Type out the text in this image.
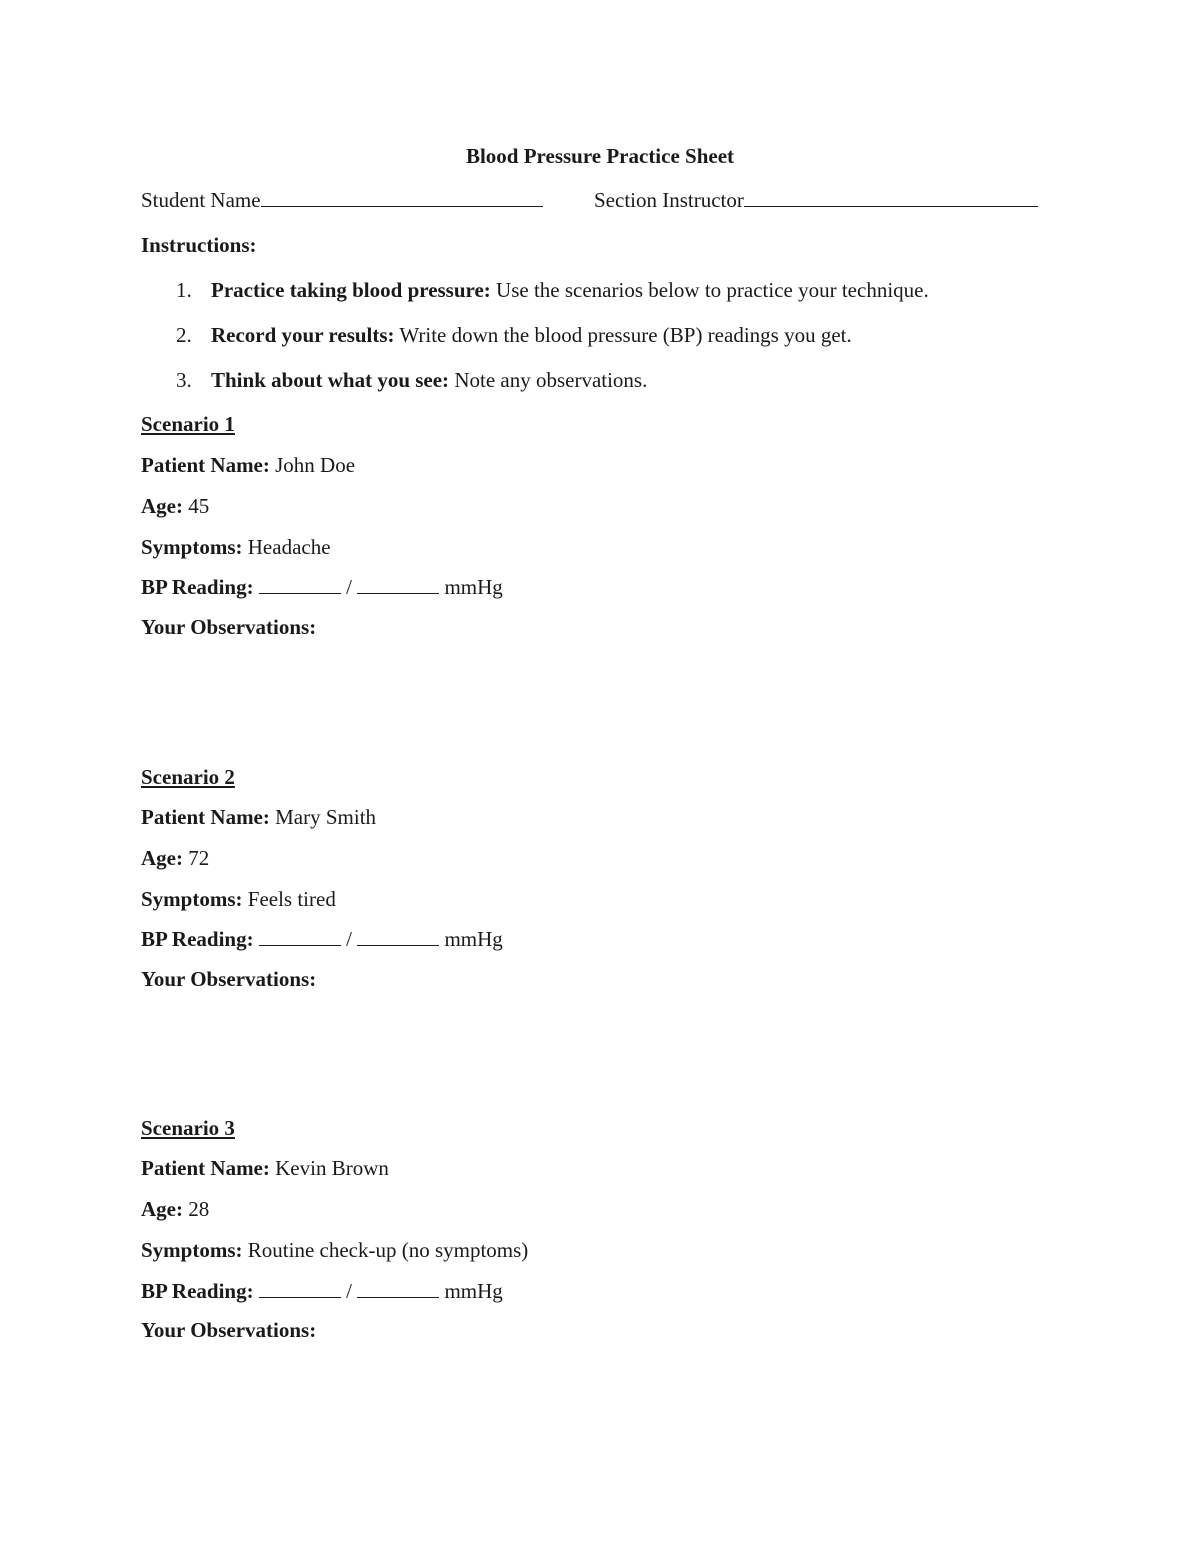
Blood Pressure Practice Sheet
Student Name	Section Instructor
Instructions:
1. Practice taking blood pressure: Use the scenarios below to practice your technique.
2. Record your results: Write down the blood pressure (BP) readings you get.
3. Think about what you see: Note any observations.
Scenario 1
Patient Name: John Doe
Age: 45
Symptoms: Headache
BP Reading:	/	mmHg
Your Observations:
Scenario 2
Patient Name: Mary Smith
Age: 72
Symptoms: Feels tired
BP Reading:	/	mmHg
Your Observations:
Scenario 3
Patient Name: Kevin Brown
Age: 28
Symptoms: Routine check-up (no symptoms)
BP Reading:	/	mmHg
Your Observations:
